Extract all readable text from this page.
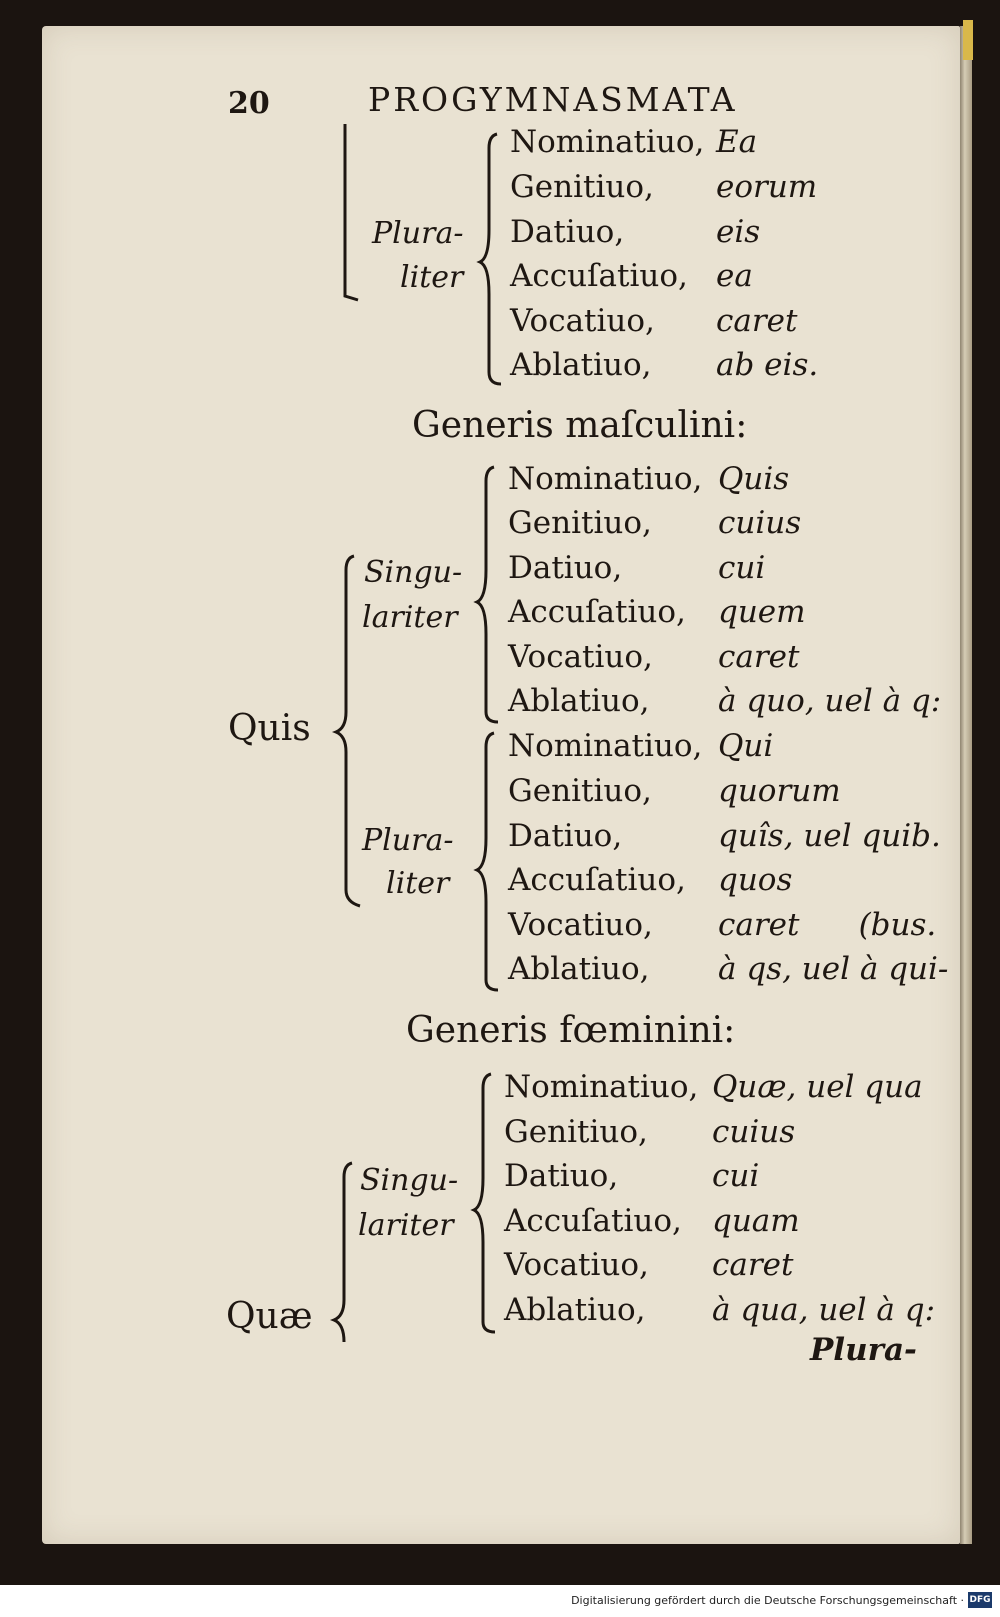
20	PROGYMNASMATA
Plura-
liter
Nominatiuo, Ea
Genitiuo, eorum
Datiuo,	eis
Accuſatiuo, ea
Vocatiuo, caret
Ablatiuo, ab eis.
Generis maſculini:
Quis
Singu-
lariter
Plura-
liter
Nominatiuo, Quis
Genitiuo, cuius
Datiuo,	cui
Accuſatiuo, quem
Vocatiuo, caret
Ablatiuo, à quo, uel à q:
Nominatiuo, Qui
Genitiuo, quorum
Datiuo,	quîs, uel quib.
Accuſatiuo, quos
Vocatiuo, caret      (bus.
Ablatiuo, à qs, uel à qui-
Generis fœminini:
Quæ
Singu-
lariter
Nominatiuo, Quæ, uel qua
Genitiuo, cuius
Datiuo,	cui
Accuſatiuo, quam
Vocatiuo, caret
Ablatiuo, à qua, uel à q:
Plura-
Digitalisierung gefördert durch die Deutsche Forschungsgemeinschaft · DFG
